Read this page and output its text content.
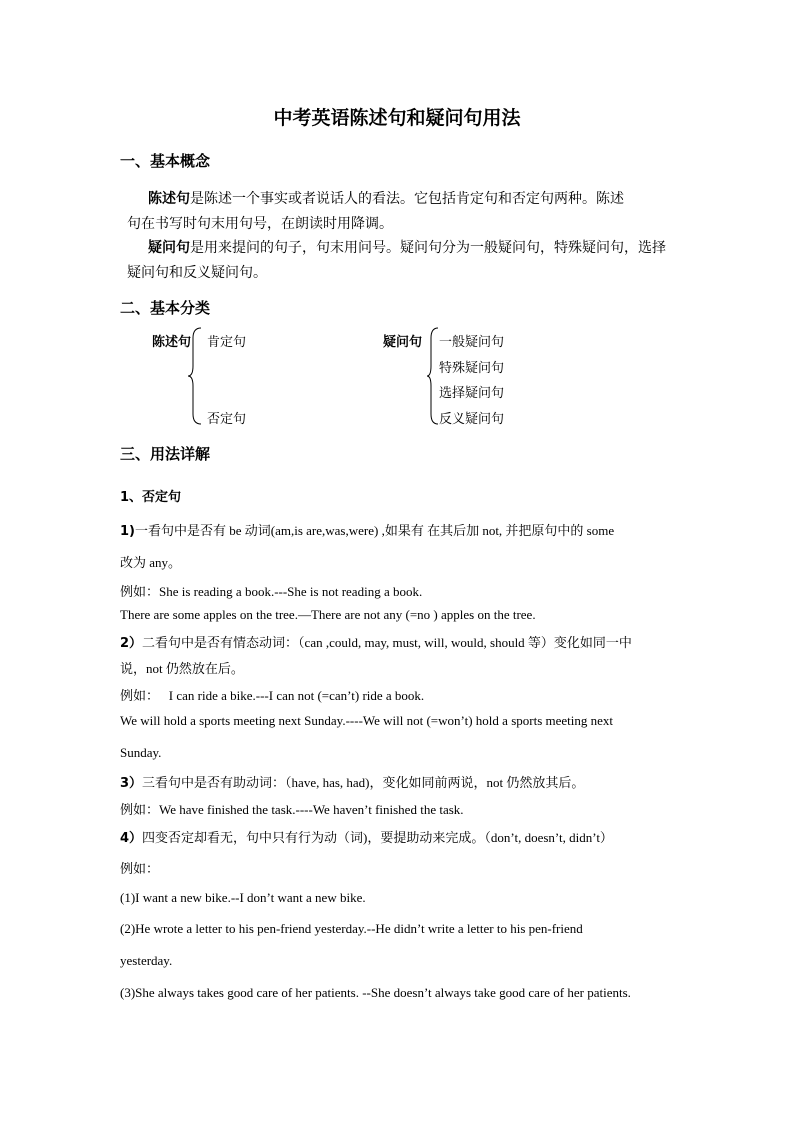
中考英语陈述句和疑问句用法
一、基本概念
陈述句是陈述一个事实或者说话人的看法。它包括肯定句和否定句两种。陈述
句在书写时句末用句号，在朗读时用降调。
疑问句是用来提问的句子，句末用问号。疑问句分为一般疑问句，特殊疑问句，选择
疑问句和反义疑问句。
二、基本分类
陈述句 肯定句
否定句
疑问句 一般疑问句
特殊疑问句
选择疑问句
反义疑问句
三、用法详解
1、否定句
1)一看句中是否有 be 动词(am,is are,was,were) ,如果有 在其后加 not, 并把原句中的 some
改为 any。
例如：She is reading a book.---She is not reading a book.
There are some apples on the tree.—There are not any (=no ) apples on the tree.
2）二看句中是否有情态动词：（can ,could, may, must, will, would, should 等）变化如同一中
说，not 仍然放在后。
例如：   I can ride a bike.---I can not (=can’t) ride a book.
We will hold a sports meeting next Sunday.----We will not (=won’t) hold a sports meeting next
Sunday.
3）三看句中是否有助动词：（have, has, had)，变化如同前两说，not 仍然放其后。
例如：We have finished the task.----We haven’t finished the task.
4）四变否定却看无，句中只有行为动（词)，要提助动来完成。（don’t, doesn’t, didn’t）
例如：
(1)I want a new bike.--I don’t want a new bike.
(2)He wrote a letter to his pen-friend yesterday.--He didn’t write a letter to his pen-friend
yesterday.
(3)She always takes good care of her patients. --She doesn’t always take good care of her patients.
